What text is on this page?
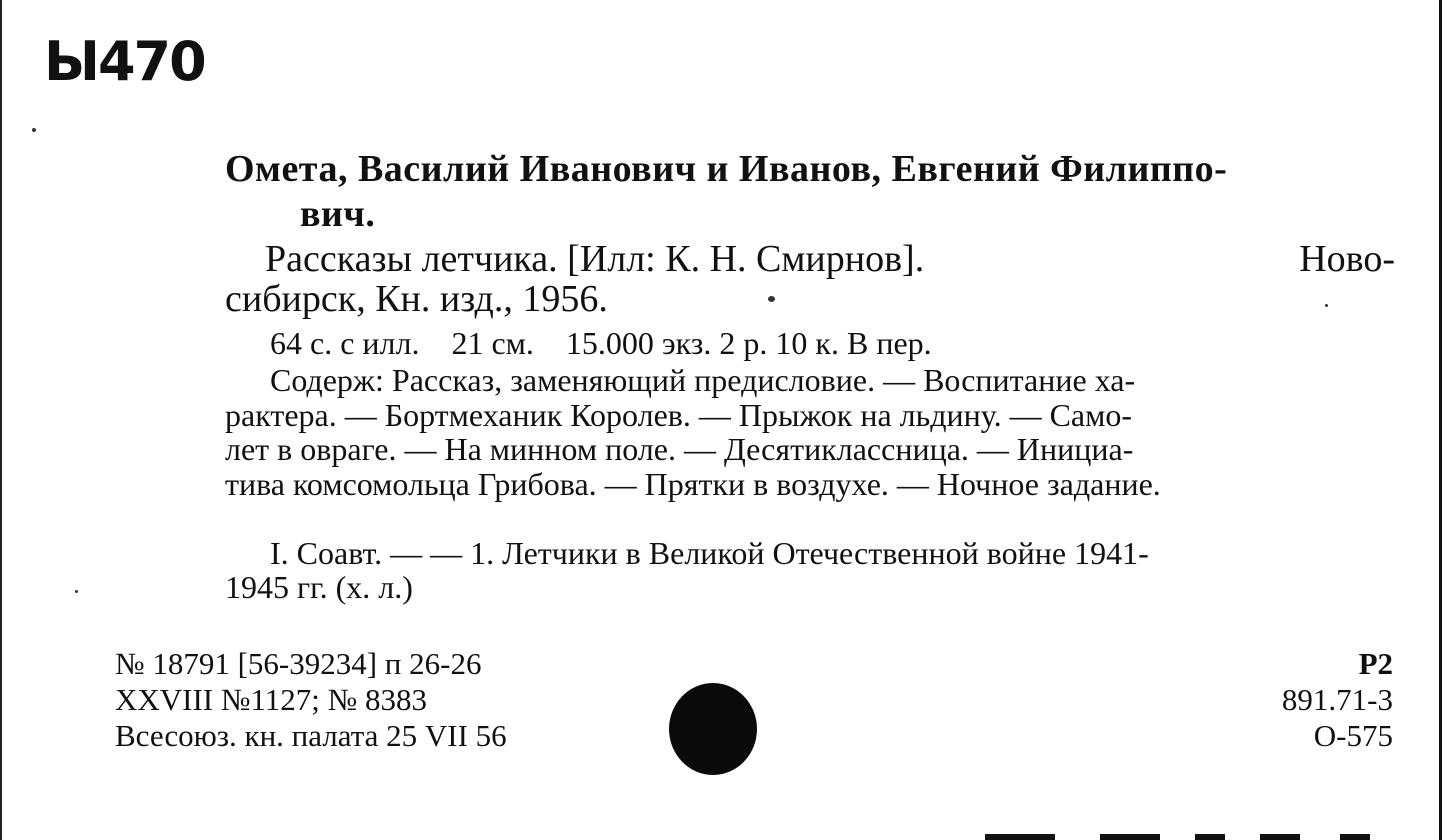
Ы470
Омета, Василий Иванович и Иванов, Евгений Филиппо-
вич.
Рассказы летчика. [Илл: К. Н. Смирнов].	Ново-
сибирск, Кн. изд., 1956.
64 с. с илл.    21 см.    15.000 экз. 2 р. 10 к. В пер.
Содерж: Рассказ, заменяющий предисловие. — Воспитание ха-
рактера. — Бортмеханик Королев. — Прыжок на льдину. — Само-
лет в овраге. — На минном поле. — Десятиклассница. — Инициа-
тива комсомольца Грибова. — Прятки в воздухе. — Ночное задание.
I. Соавт. — — 1. Летчики в Великой Отечественной войне 1941-
1945 гг. (х. л.)
№ 18791 [56-39234] п 26-26
XXVIII №1127; № 8383
Всесоюз. кн. палата 25 VII 56
Р2
891.71-3
О-575
